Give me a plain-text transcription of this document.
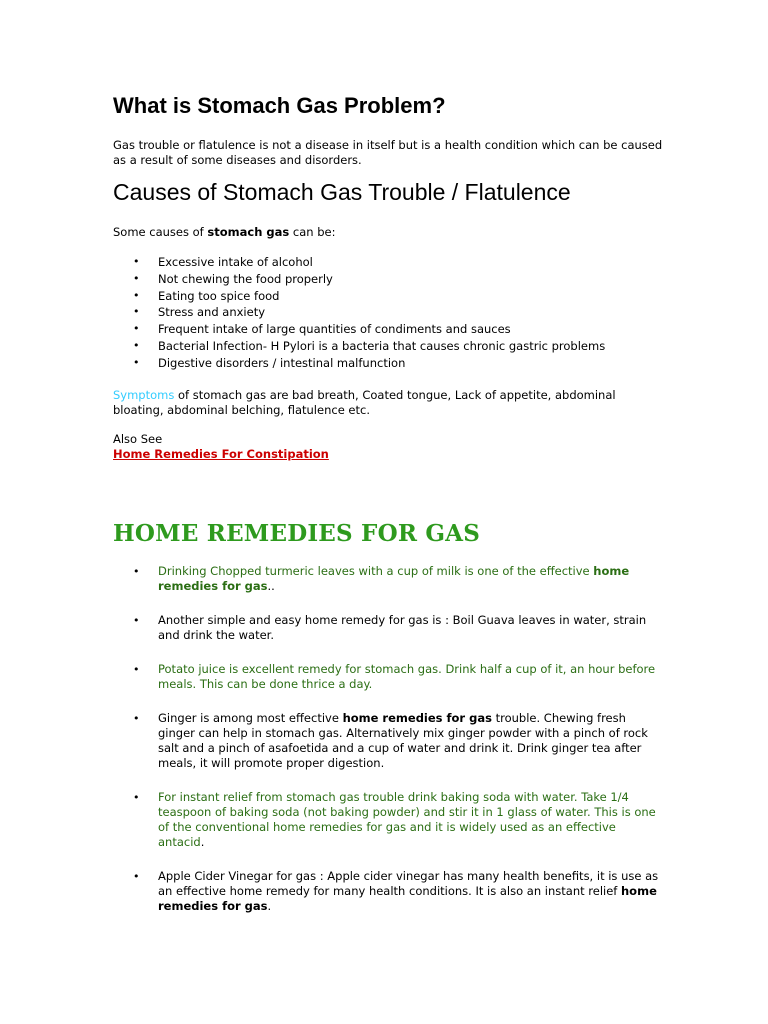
What is Stomach Gas Problem?

Gas trouble or flatulence is not a disease in itself but is a health condition which can be caused as a result of some diseases and disorders.

Causes of Stomach Gas Trouble / Flatulence

Some causes of stomach gas can be:

• Excessive intake of alcohol
• Not chewing the food properly
• Eating too spice food
• Stress and anxiety
• Frequent intake of large quantities of condiments and sauces
• Bacterial Infection- H Pylori is a bacteria that causes chronic gastric problems
• Digestive disorders / intestinal malfunction

Symptoms of stomach gas are bad breath, Coated tongue, Lack of appetite, abdominal bloating, abdominal belching, flatulence etc.

Also See
Home Remedies For Constipation

HOME REMEDIES FOR GAS
• Drinking Chopped turmeric leaves with a cup of milk is one of the effective home remedies for gas..
• Another simple and easy home remedy for gas is : Boil Guava leaves in water, strain and drink the water.
• Potato juice is excellent remedy for stomach gas. Drink half a cup of it, an hour before meals. This can be done thrice a day.
• Ginger is among most effective home remedies for gas trouble. Chewing fresh ginger can help in stomach gas. Alternatively mix ginger powder with a pinch of rock salt and a pinch of asafoetida and a cup of water and drink it. Drink ginger tea after meals, it will promote proper digestion.
• For instant relief from stomach gas trouble drink baking soda with water. Take 1/4 teaspoon of baking soda (not baking powder) and stir it in 1 glass of water. This is one of the conventional home remedies for gas and it is widely used as an effective antacid.
• Apple Cider Vinegar for gas : Apple cider vinegar has many health benefits, it is use as an effective home remedy for many health conditions. It is also an instant relief home remedies for gas.
